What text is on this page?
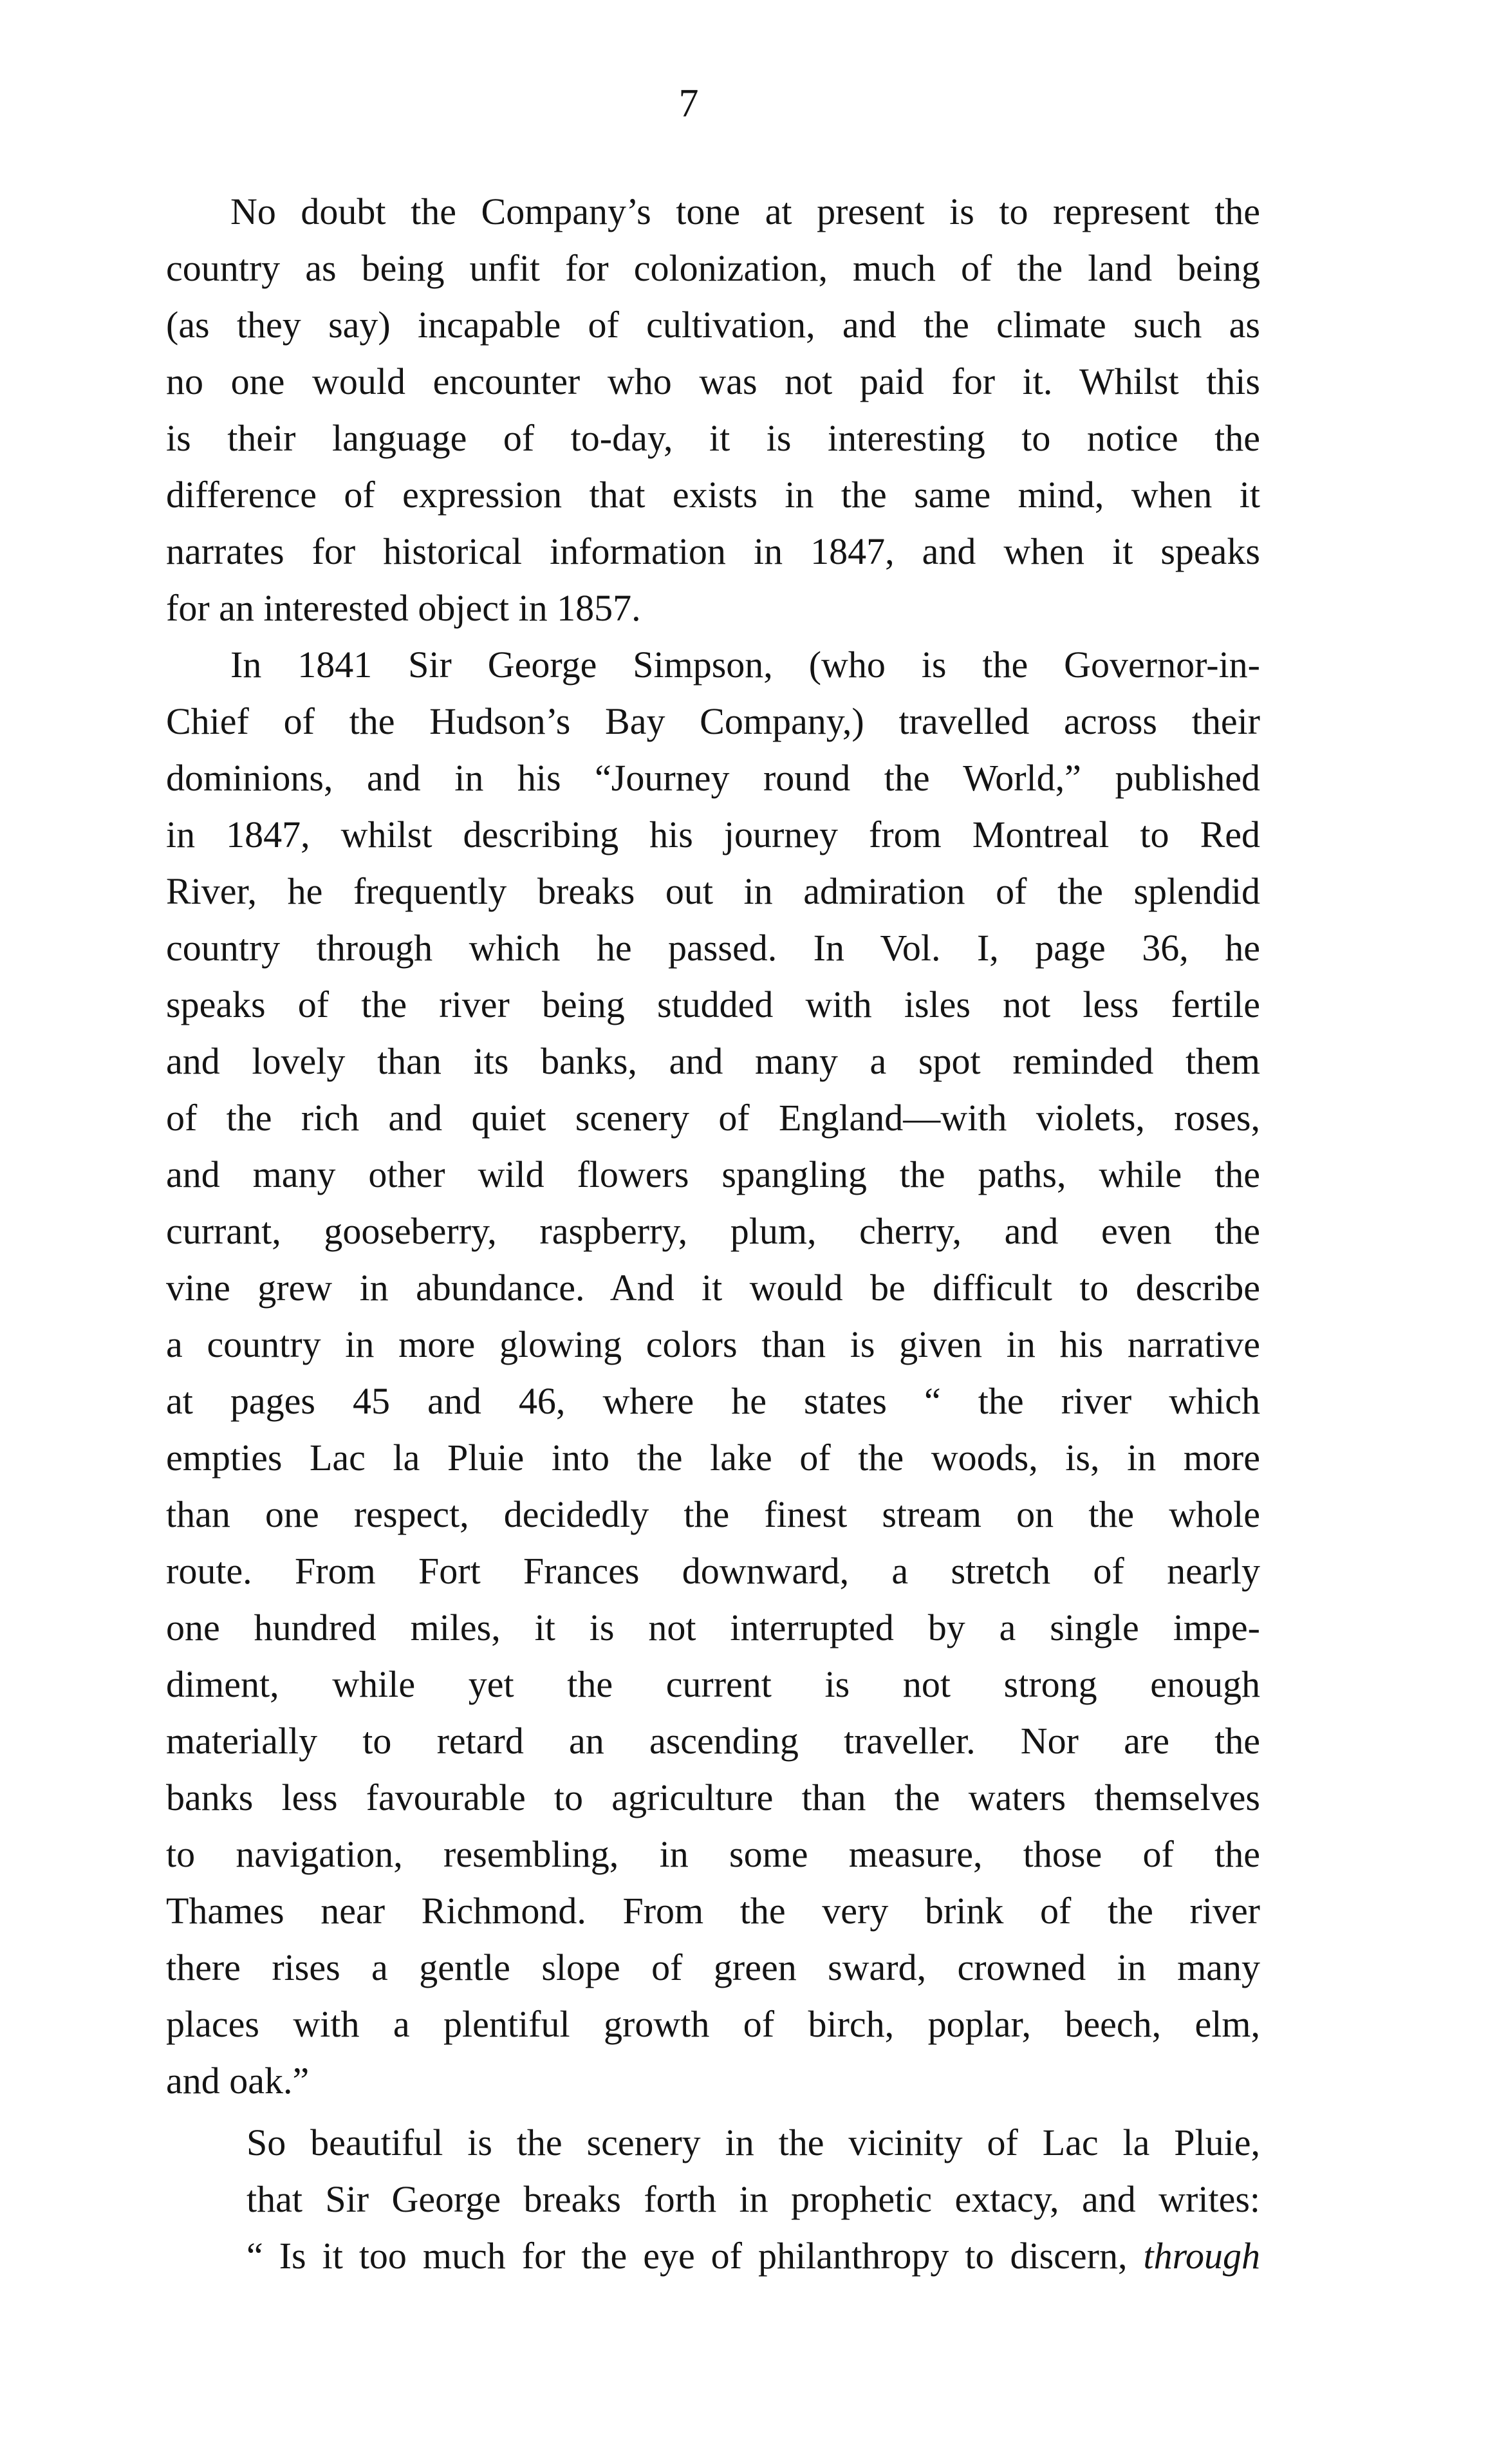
7
No doubt the Company’s tone at present is to represent the
country as being unfit for colonization, much of the land being
(as they say) incapable of cultivation, and the climate such as
no one would encounter who was not paid for it. Whilst this
is their language of to-day, it is interesting to notice the
difference of expression that exists in the same mind, when it
narrates for historical information in 1847, and when it speaks
for an interested object in 1857.
In 1841 Sir George Simpson, (who is the Governor-in-
Chief of the Hudson’s Bay Company,) travelled across their
dominions, and in his “Journey round the World,” published
in 1847, whilst describing his journey from Montreal to Red
River, he frequently breaks out in admiration of the splendid
country through which he passed. In Vol. I, page 36, he
speaks of the river being studded with isles not less fertile
and lovely than its banks, and many a spot reminded them
of the rich and quiet scenery of England—with violets, roses,
and many other wild flowers spangling the paths, while the
currant, gooseberry, raspberry, plum, cherry, and even the
vine grew in abundance. And it would be difficult to describe
a country in more glowing colors than is given in his narrative
at pages 45 and 46, where he states “ the river which
empties Lac la Pluie into the lake of the woods, is, in more
than one respect, decidedly the finest stream on the whole
route. From Fort Frances downward, a stretch of nearly
one hundred miles, it is not interrupted by a single impe-
diment, while yet the current is not strong enough
materially to retard an ascending traveller. Nor are the
banks less favourable to agriculture than the waters themselves
to navigation, resembling, in some measure, those of the
Thames near Richmond. From the very brink of the river
there rises a gentle slope of green sward, crowned in many
places with a plentiful growth of birch, poplar, beech, elm,
and oak.”
So beautiful is the scenery in the vicinity of Lac la Pluie,
that Sir George breaks forth in prophetic extacy, and writes:
“ Is it too much for the eye of philanthropy to discern, through
